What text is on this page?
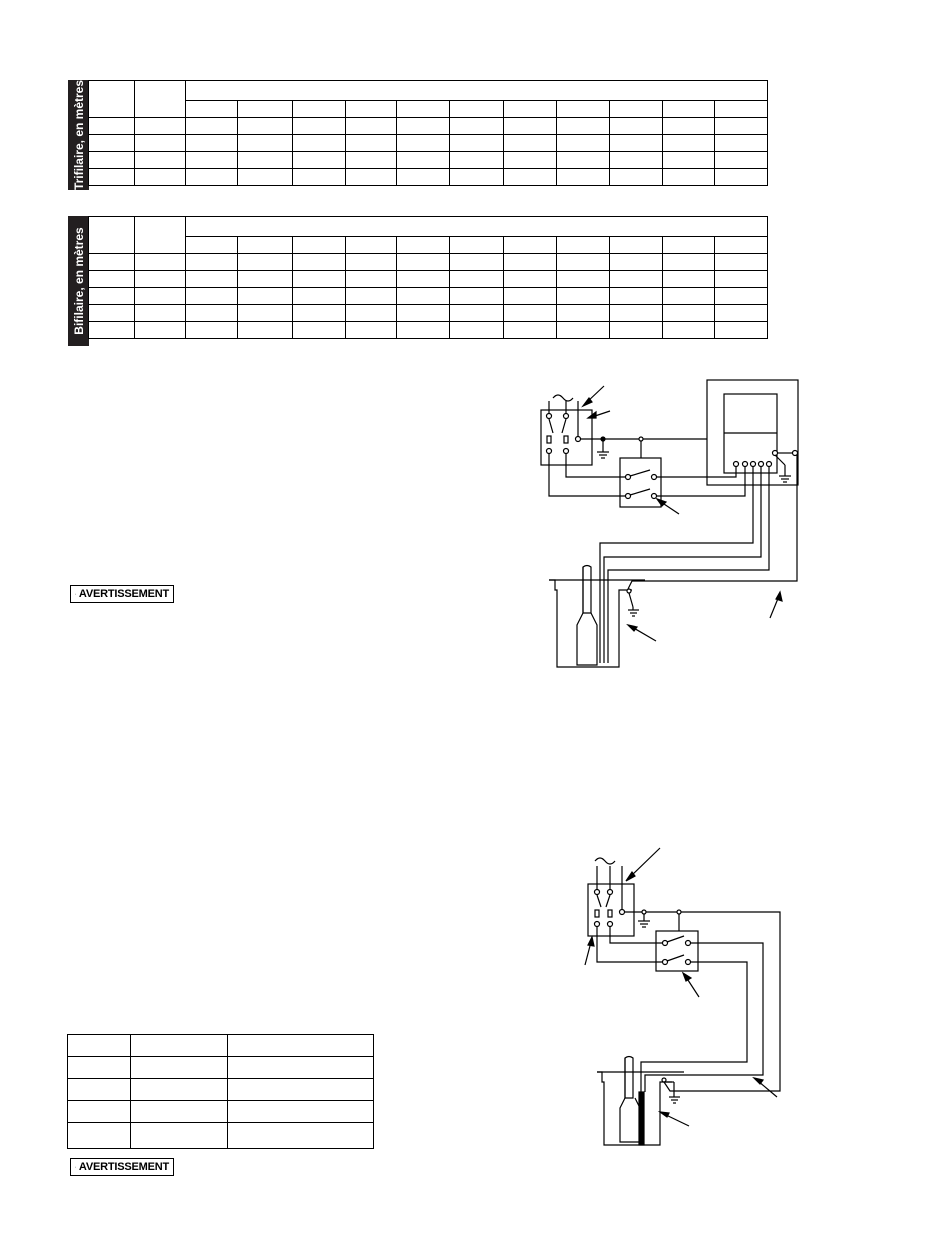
Trifilaire, en mètres

Bifilaire, en mètres

AVERTISSEMENT

AVERTISSEMENT
